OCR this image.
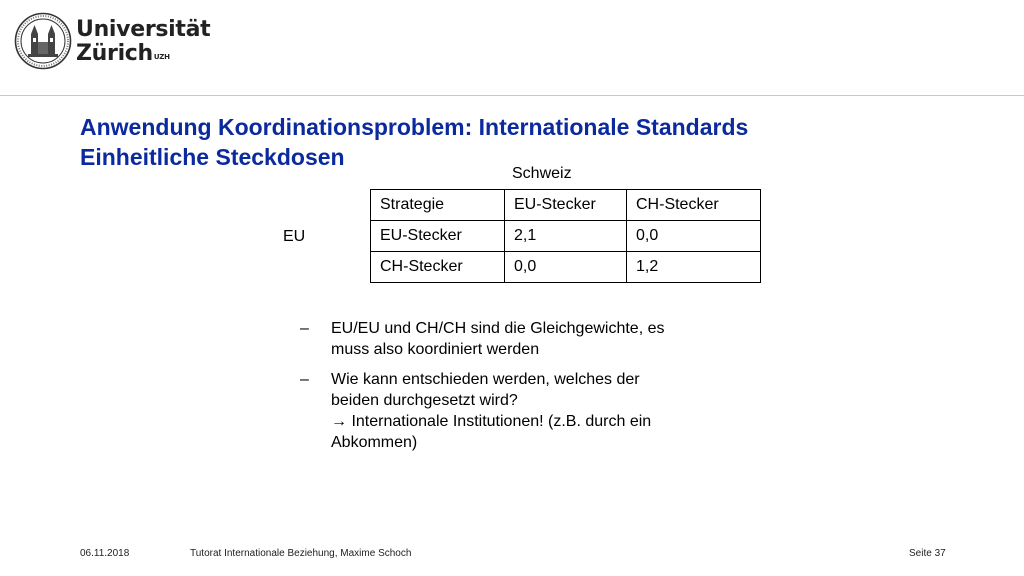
Universität
Zürich$^{UZH}$
Anwendung Koordinationsproblem: Internationale Standards
Einheitliche Steckdosen
Schweiz
EU
Strategie	EU-Stecker	CH-Stecker
EU-Stecker	2,1	0,0
CH-Stecker	0,0	1,2
– EU/EU und CH/CH sind die Gleichgewichte, es
muss also koordiniert werden
– Wie kann entschieden werden, welches der
beiden durchgesetzt wird?
→ Internationale Institutionen! (z.B. durch ein
Abkommen)
06.11.2018	Tutorat Internationale Beziehung, Maxime Schoch	Seite 37
